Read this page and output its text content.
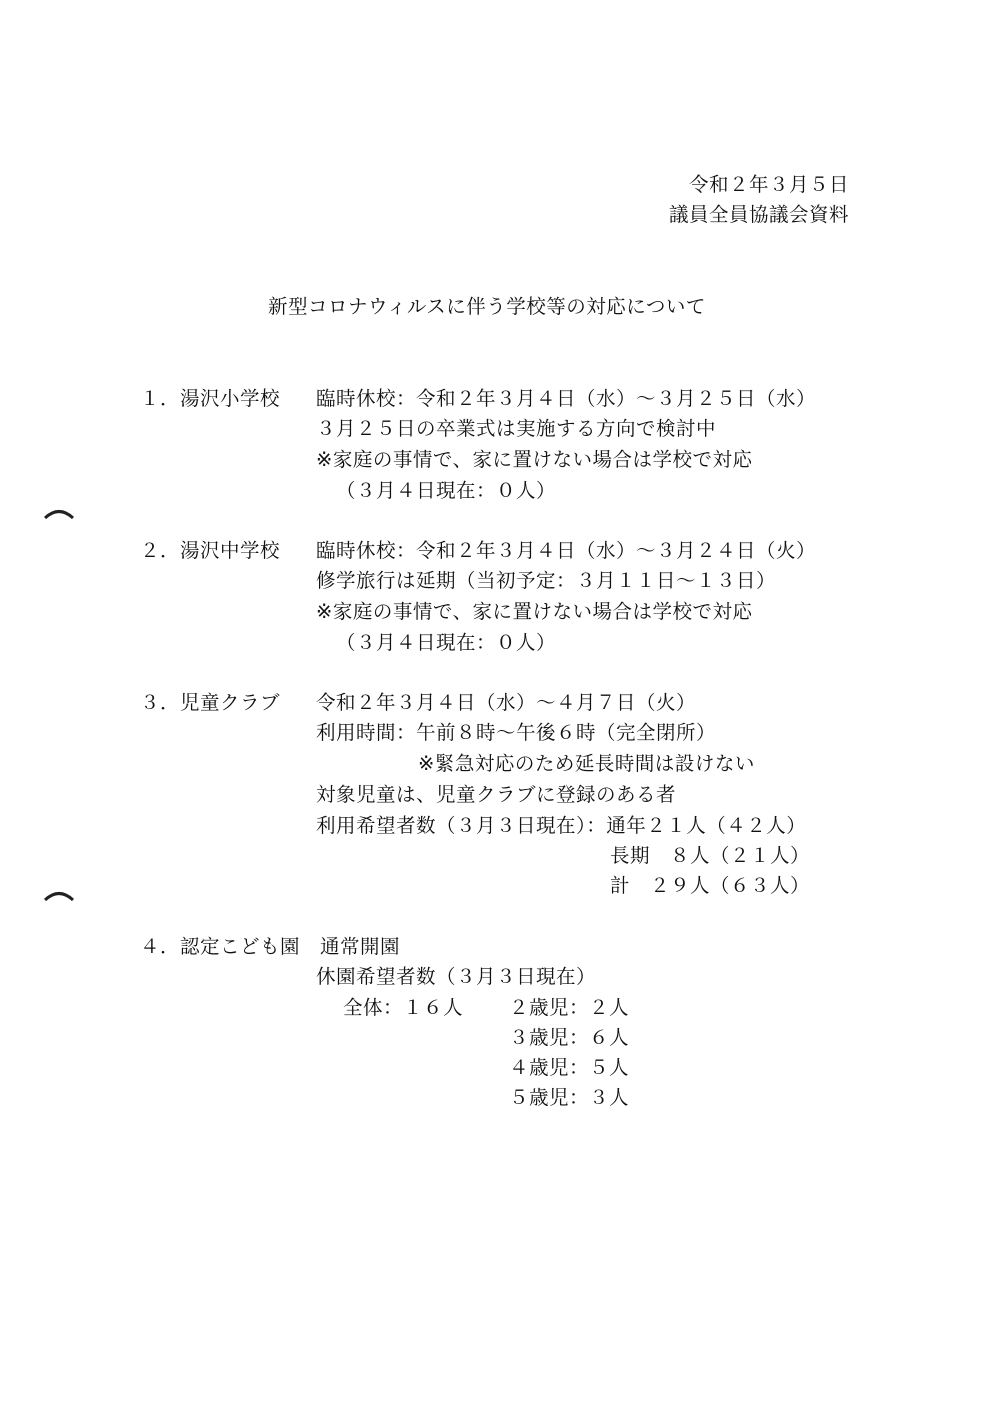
令和２年３月５日
議員全員協議会資料
新型コロナウィルスに伴う学校等の対応について
１．湯沢小学校 臨時休校：令和２年３月４日（水）～３月２５日（水）
３月２５日の卒業式は実施する方向で検討中
※家庭の事情で、家に置けない場合は学校で対応
（３月４日現在：０人）
２．湯沢中学校 臨時休校：令和２年３月４日（水）～３月２４日（火）
修学旅行は延期（当初予定：３月１１日～１３日）
※家庭の事情で、家に置けない場合は学校で対応
（３月４日現在：０人）
３．児童クラブ 令和２年３月４日（水）～４月７日（火）
利用時間：午前８時～午後６時（完全閉所）
※緊急対応のため延長時間は設けない
対象児童は、児童クラブに登録のある者
利用希望者数（３月３日現在）：通年２１人（４２人）
長期　８人（２１人）
計　２９人（６３人）
４．認定こども園 通常開園
休園希望者数（３月３日現在）
全体：１６人 ２歳児：２人
３歳児：６人
４歳児：５人
５歳児：３人
